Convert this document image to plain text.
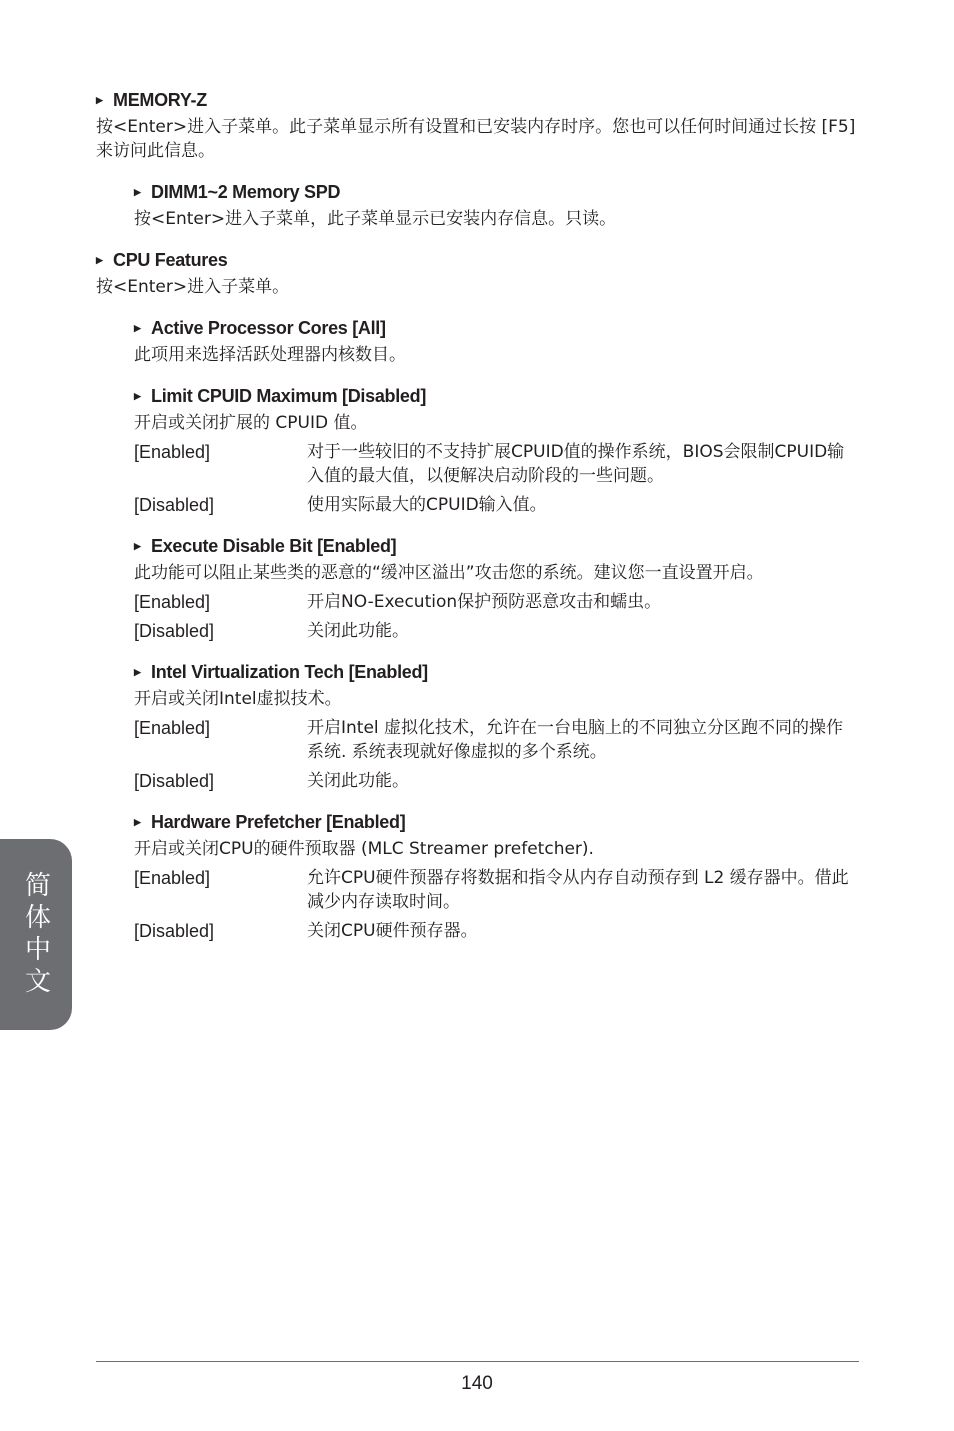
简体中文
▶ MEMORY-Z
按<Enter>进入子菜单。此子菜单显示所有设置和已安装内存时序。您也可以任何时间通过长按 [F5] 来访问此信息。
▶ DIMM1~2 Memory SPD
按<Enter>进入子菜单，此子菜单显示已安装内存信息。只读。
▶ CPU Features
按<Enter>进入子菜单。
▶ Active Processor Cores [All]
此项用来选择活跃处理器内核数目。
▶ Limit CPUID Maximum [Disabled]
开启或关闭扩展的 CPUID 值。
[Enabled]	对于一些较旧的不支持扩展CPUID值的操作系统，BIOS会限制CPUID输入值的最大值，以便解决启动阶段的一些问题。
[Disabled]	使用实际最大的CPUID输入值。
▶ Execute Disable Bit [Enabled]
此功能可以阻止某些类的恶意的“缓冲区溢出”攻击您的系统。建议您一直设置开启。
[Enabled]	开启NO-Execution保护预防恶意攻击和蠕虫。
[Disabled]	关闭此功能。
▶ Intel Virtualization Tech [Enabled]
开启或关闭Intel虚拟技术。
[Enabled]	开启Intel 虚拟化技术，允许在一台电脑上的不同独立分区跑不同的操作系统. 系统表现就好像虚拟的多个系统。
[Disabled]	关闭此功能。
▶ Hardware Prefetcher [Enabled]
开启或关闭CPU的硬件预取器 (MLC Streamer prefetcher).
[Enabled]	允许CPU硬件预器存将数据和指令从内存自动预存到 L2 缓存器中。借此减少内存读取时间。
[Disabled]	关闭CPU硬件预存器。
140
